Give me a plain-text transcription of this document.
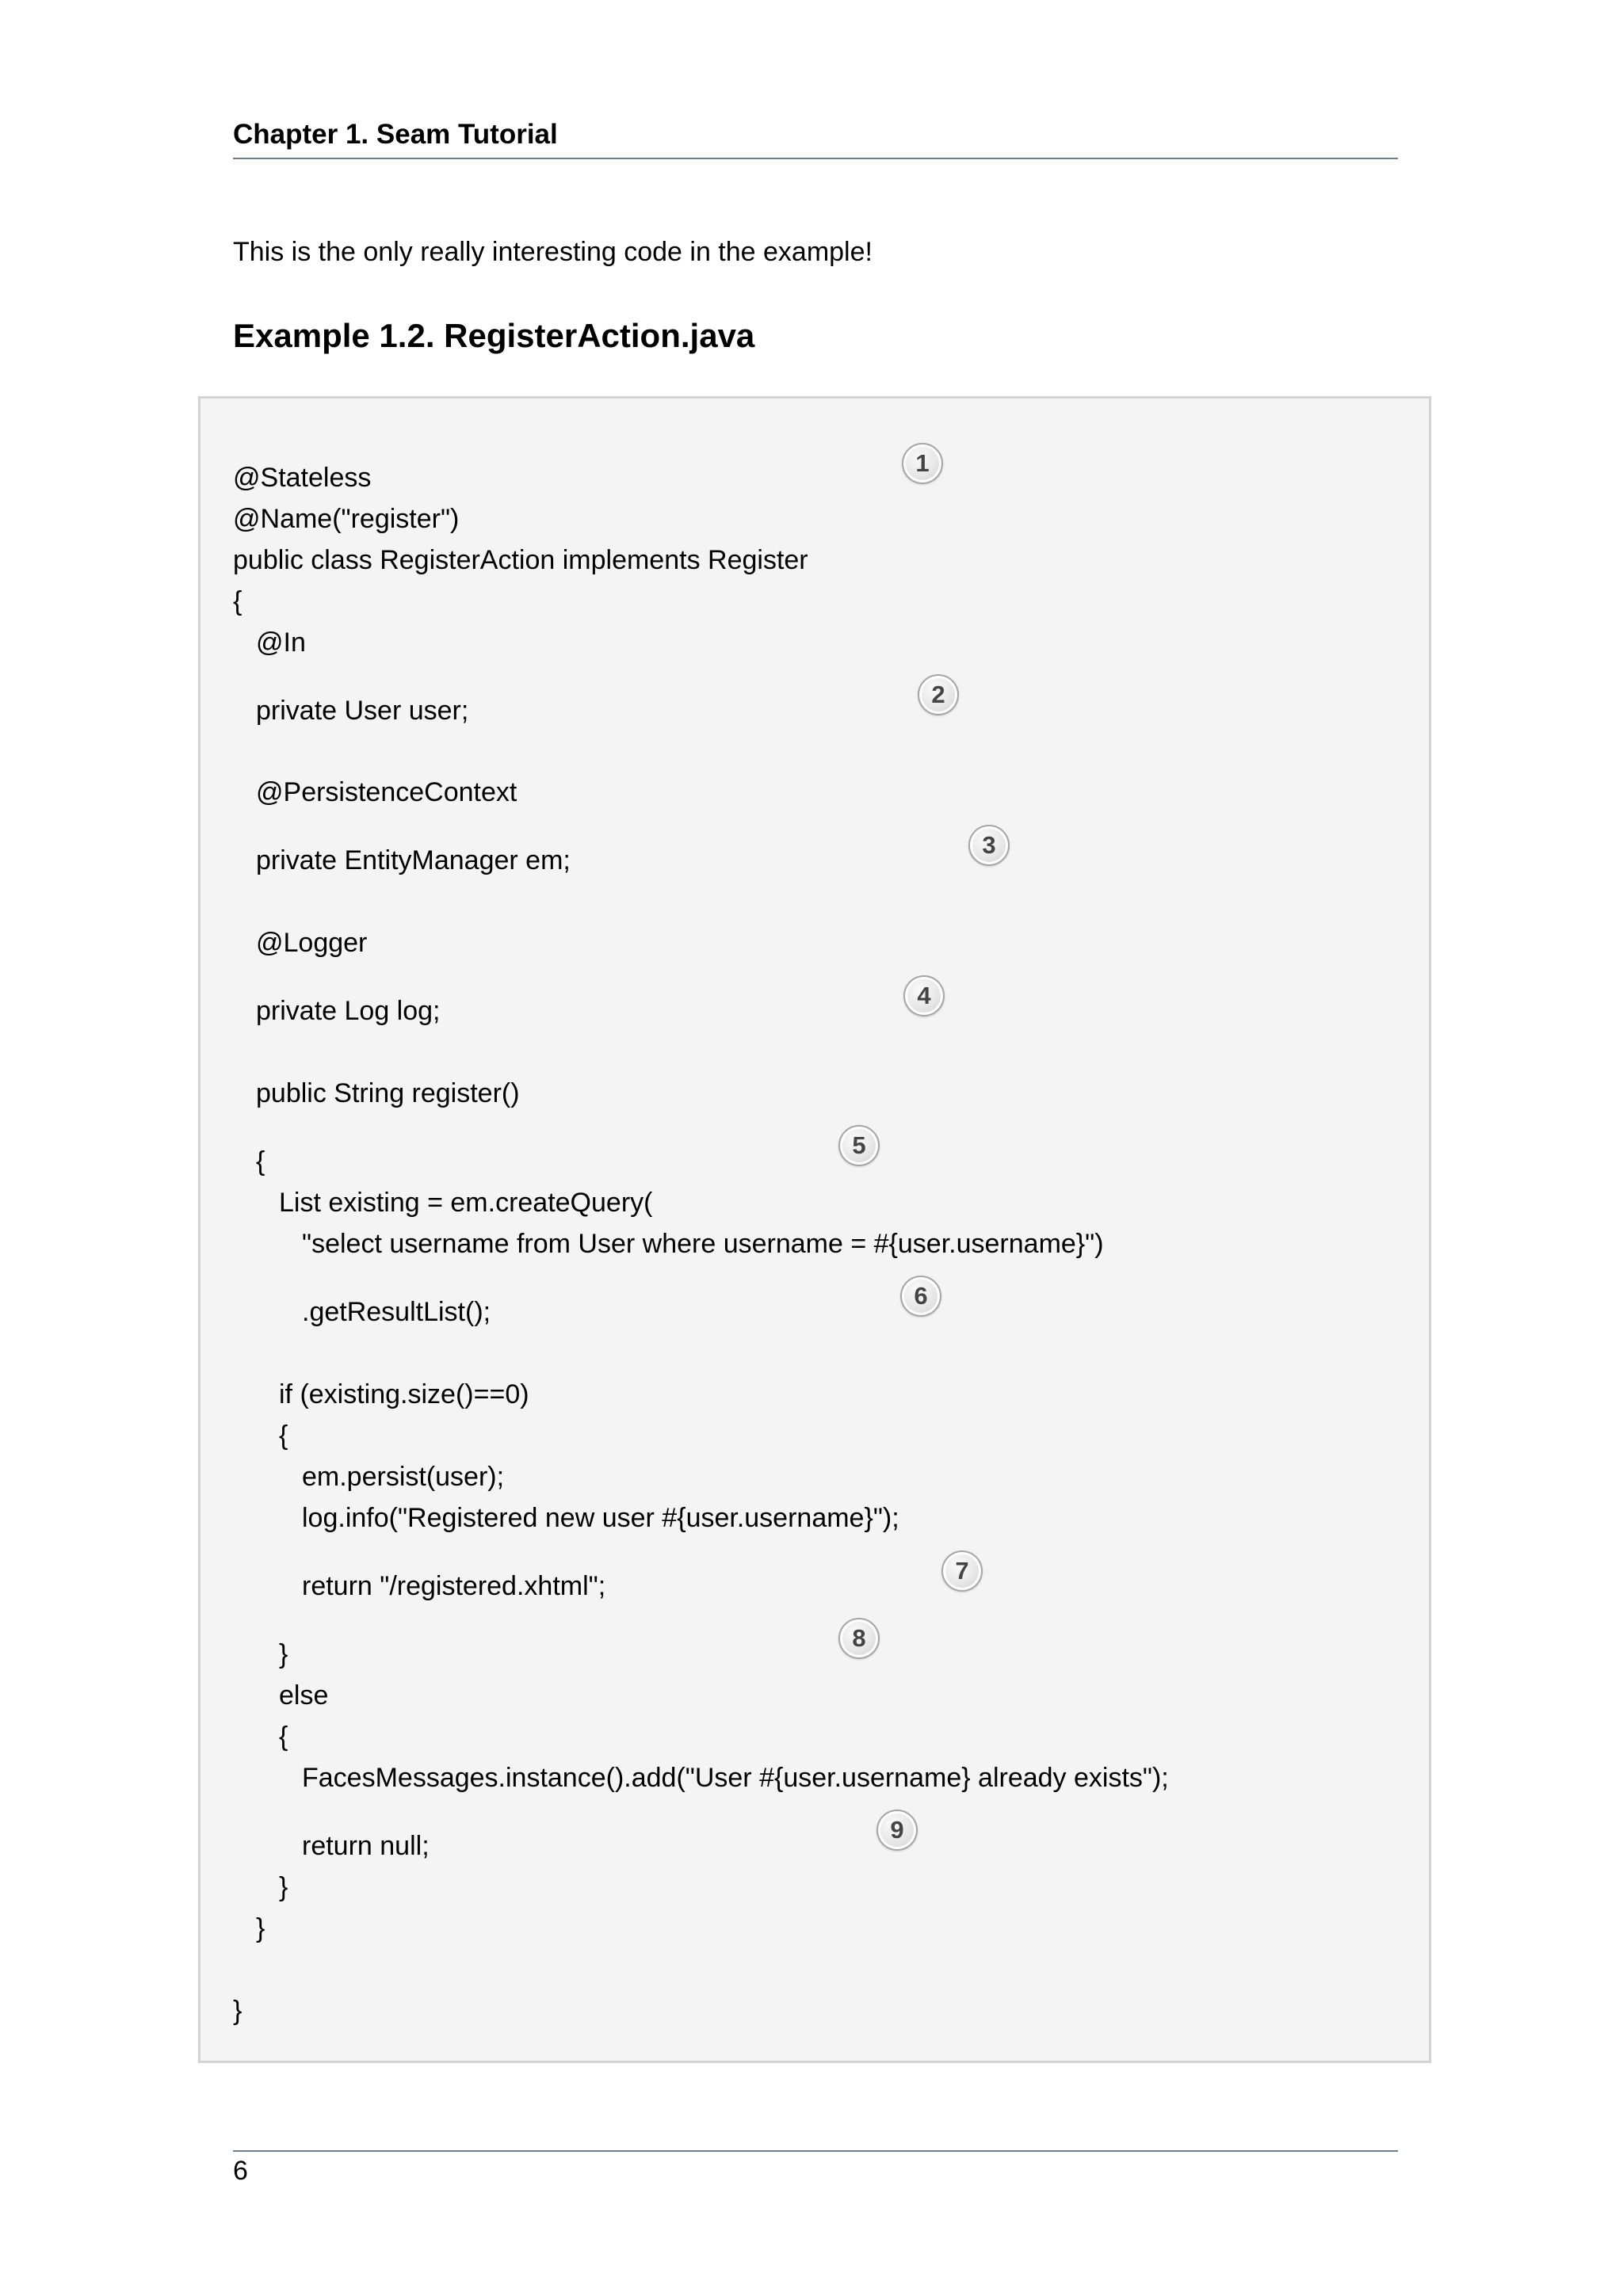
Chapter 1. Seam Tutorial
This is the only really interesting code in the example!
Example 1.2. RegisterAction.java
@Stateless
@Name("register")
public class RegisterAction implements Register
{
@In
private User user;
@PersistenceContext
private EntityManager em;
@Logger
private Log log;
public String register()
{
List existing = em.createQuery(
"select username from User where username = #{user.username}")
.getResultList();
if (existing.size()==0)
{
em.persist(user);
log.info("Registered new user #{user.username}");
return "/registered.xhtml";
}
else
{
FacesMessages.instance().add("User #{user.username} already exists");
return null;
}
}
}
1
2
3
4
5
6
7
8
9
6
